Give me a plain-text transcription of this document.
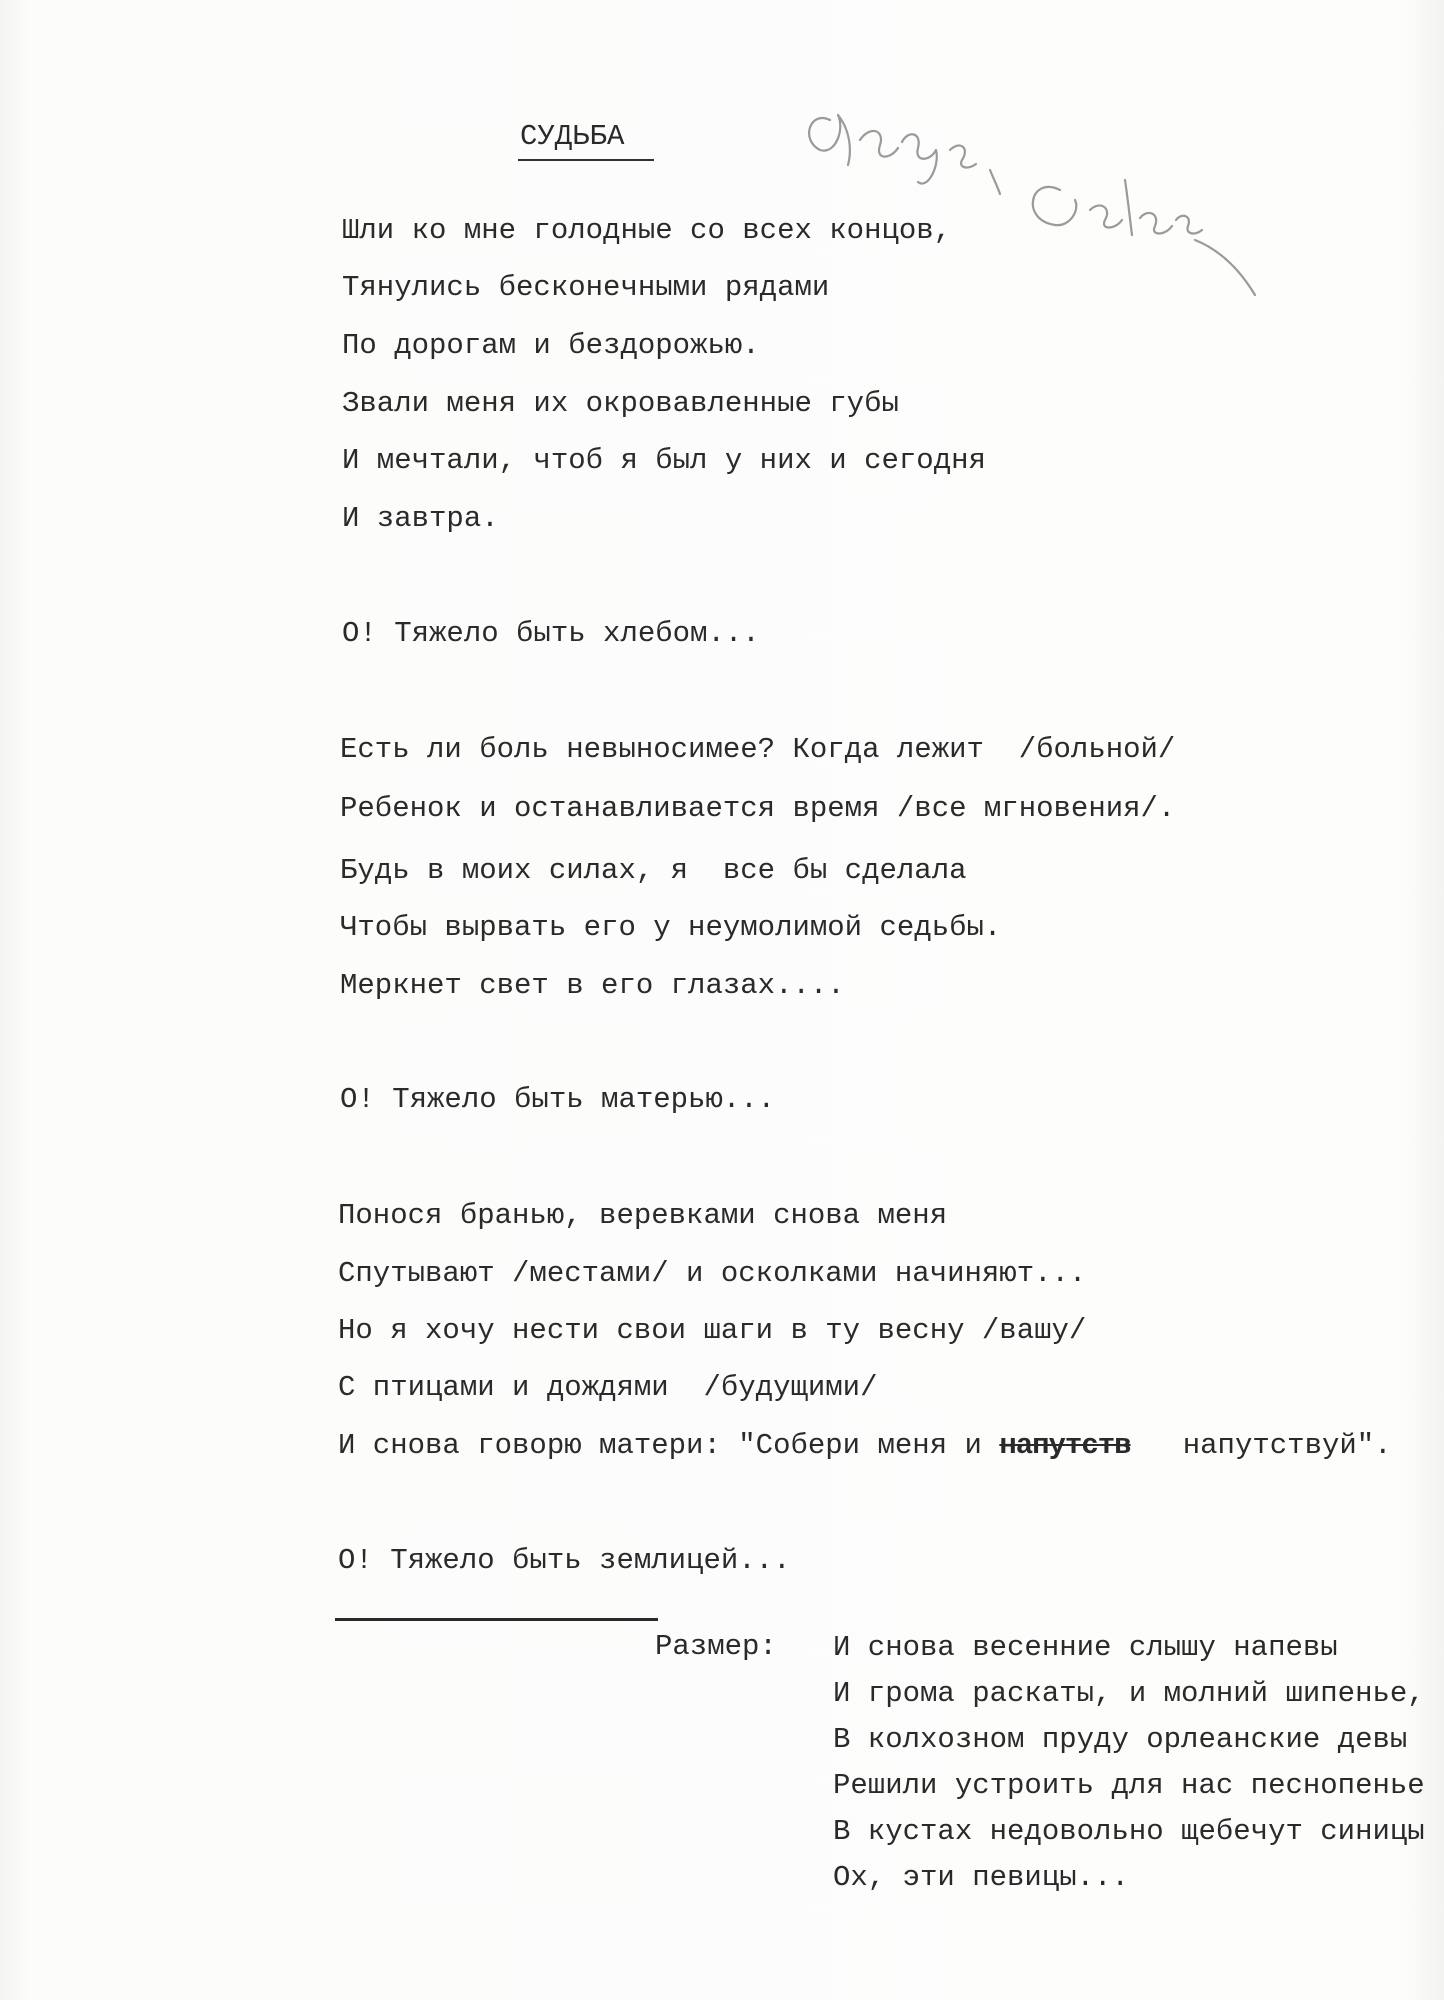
СУДЬБА
Шли ко мне голодные со всех концов,
Тянулись бесконечными рядами
По дорогам и бездорожью.
Звали меня их окровавленные губы
И мечтали, чтоб я был у них и сегодня
И завтра.
О! Тяжело быть хлебом...
Есть ли боль невыносимее? Когда лежит  /больной/
Ребенок и останавливается время /все мгновения/.
Будь в моих силах, я  все бы сделала
Чтобы вырвать его у неумолимой седьбы.
Меркнет свет в его глазах....
О! Тяжело быть матерью...
Понося бранью, веревками снова меня
Спутывают /местами/ и осколками начиняют...
Но я хочу нести свои шаги в ту весну /вашу/
С птицами и дождями  /будущими/
И снова говорю матери: "Собери меня и напутств   напутствуй".
О! Тяжело быть землицей...
Размер: И снова весенние слышу напевы
И грома раскаты, и молний шипенье,
В колхозном пруду орлеанские девы
Решили устроить для нас песнопенье
В кустах недовольно щебечут синицы
Ох, эти певицы...
